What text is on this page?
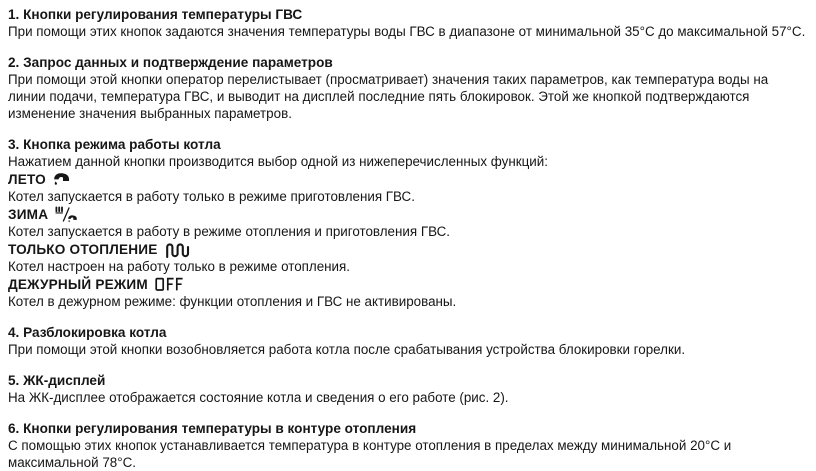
1. Кнопки регулирования температуры ГВС

При помощи этих кнопок задаются значения температуры воды ГВС в диапазоне от минимальной 35°C до максимальной 57°C.

2. Запрос данных и подтверждение параметров

При помощи этой кнопки оператор перелистывает (просматривает) значения таких параметров, как температура воды на линии подачи, температура ГВС, и выводит на дисплей последние пять блокировок. Этой же кнопкой подтверждаются изменение значения выбранных параметров.

3. Кнопка режима работы котла

Нажатием данной кнопки производится выбор одной из нижеперечисленных функций:

ЛЕТО

Котел запускается в работу только в режиме приготовления ГВС.

ЗИМА

Котел запускается в работу в режиме отопления и приготовления ГВС.

ТОЛЬКО ОТОПЛЕНИЕ

Котел настроен на работу только в режиме отопления.

ДЕЖУРНЫЙ РЕЖИМ

Котел в дежурном режиме: функции отопления и ГВС не активированы.

4. Разблокировка котла

При помощи этой кнопки возобновляется работа котла после срабатывания устройства блокировки горелки.

5. ЖК-дисплей

На ЖК-дисплее отображается состояние котла и сведения о его работе (рис. 2).

6. Кнопки регулирования температуры в контуре отопления

С помощью этих кнопок устанавливается температура в контуре отопления в пределах между минимальной 20°C и максимальной 78°C.
